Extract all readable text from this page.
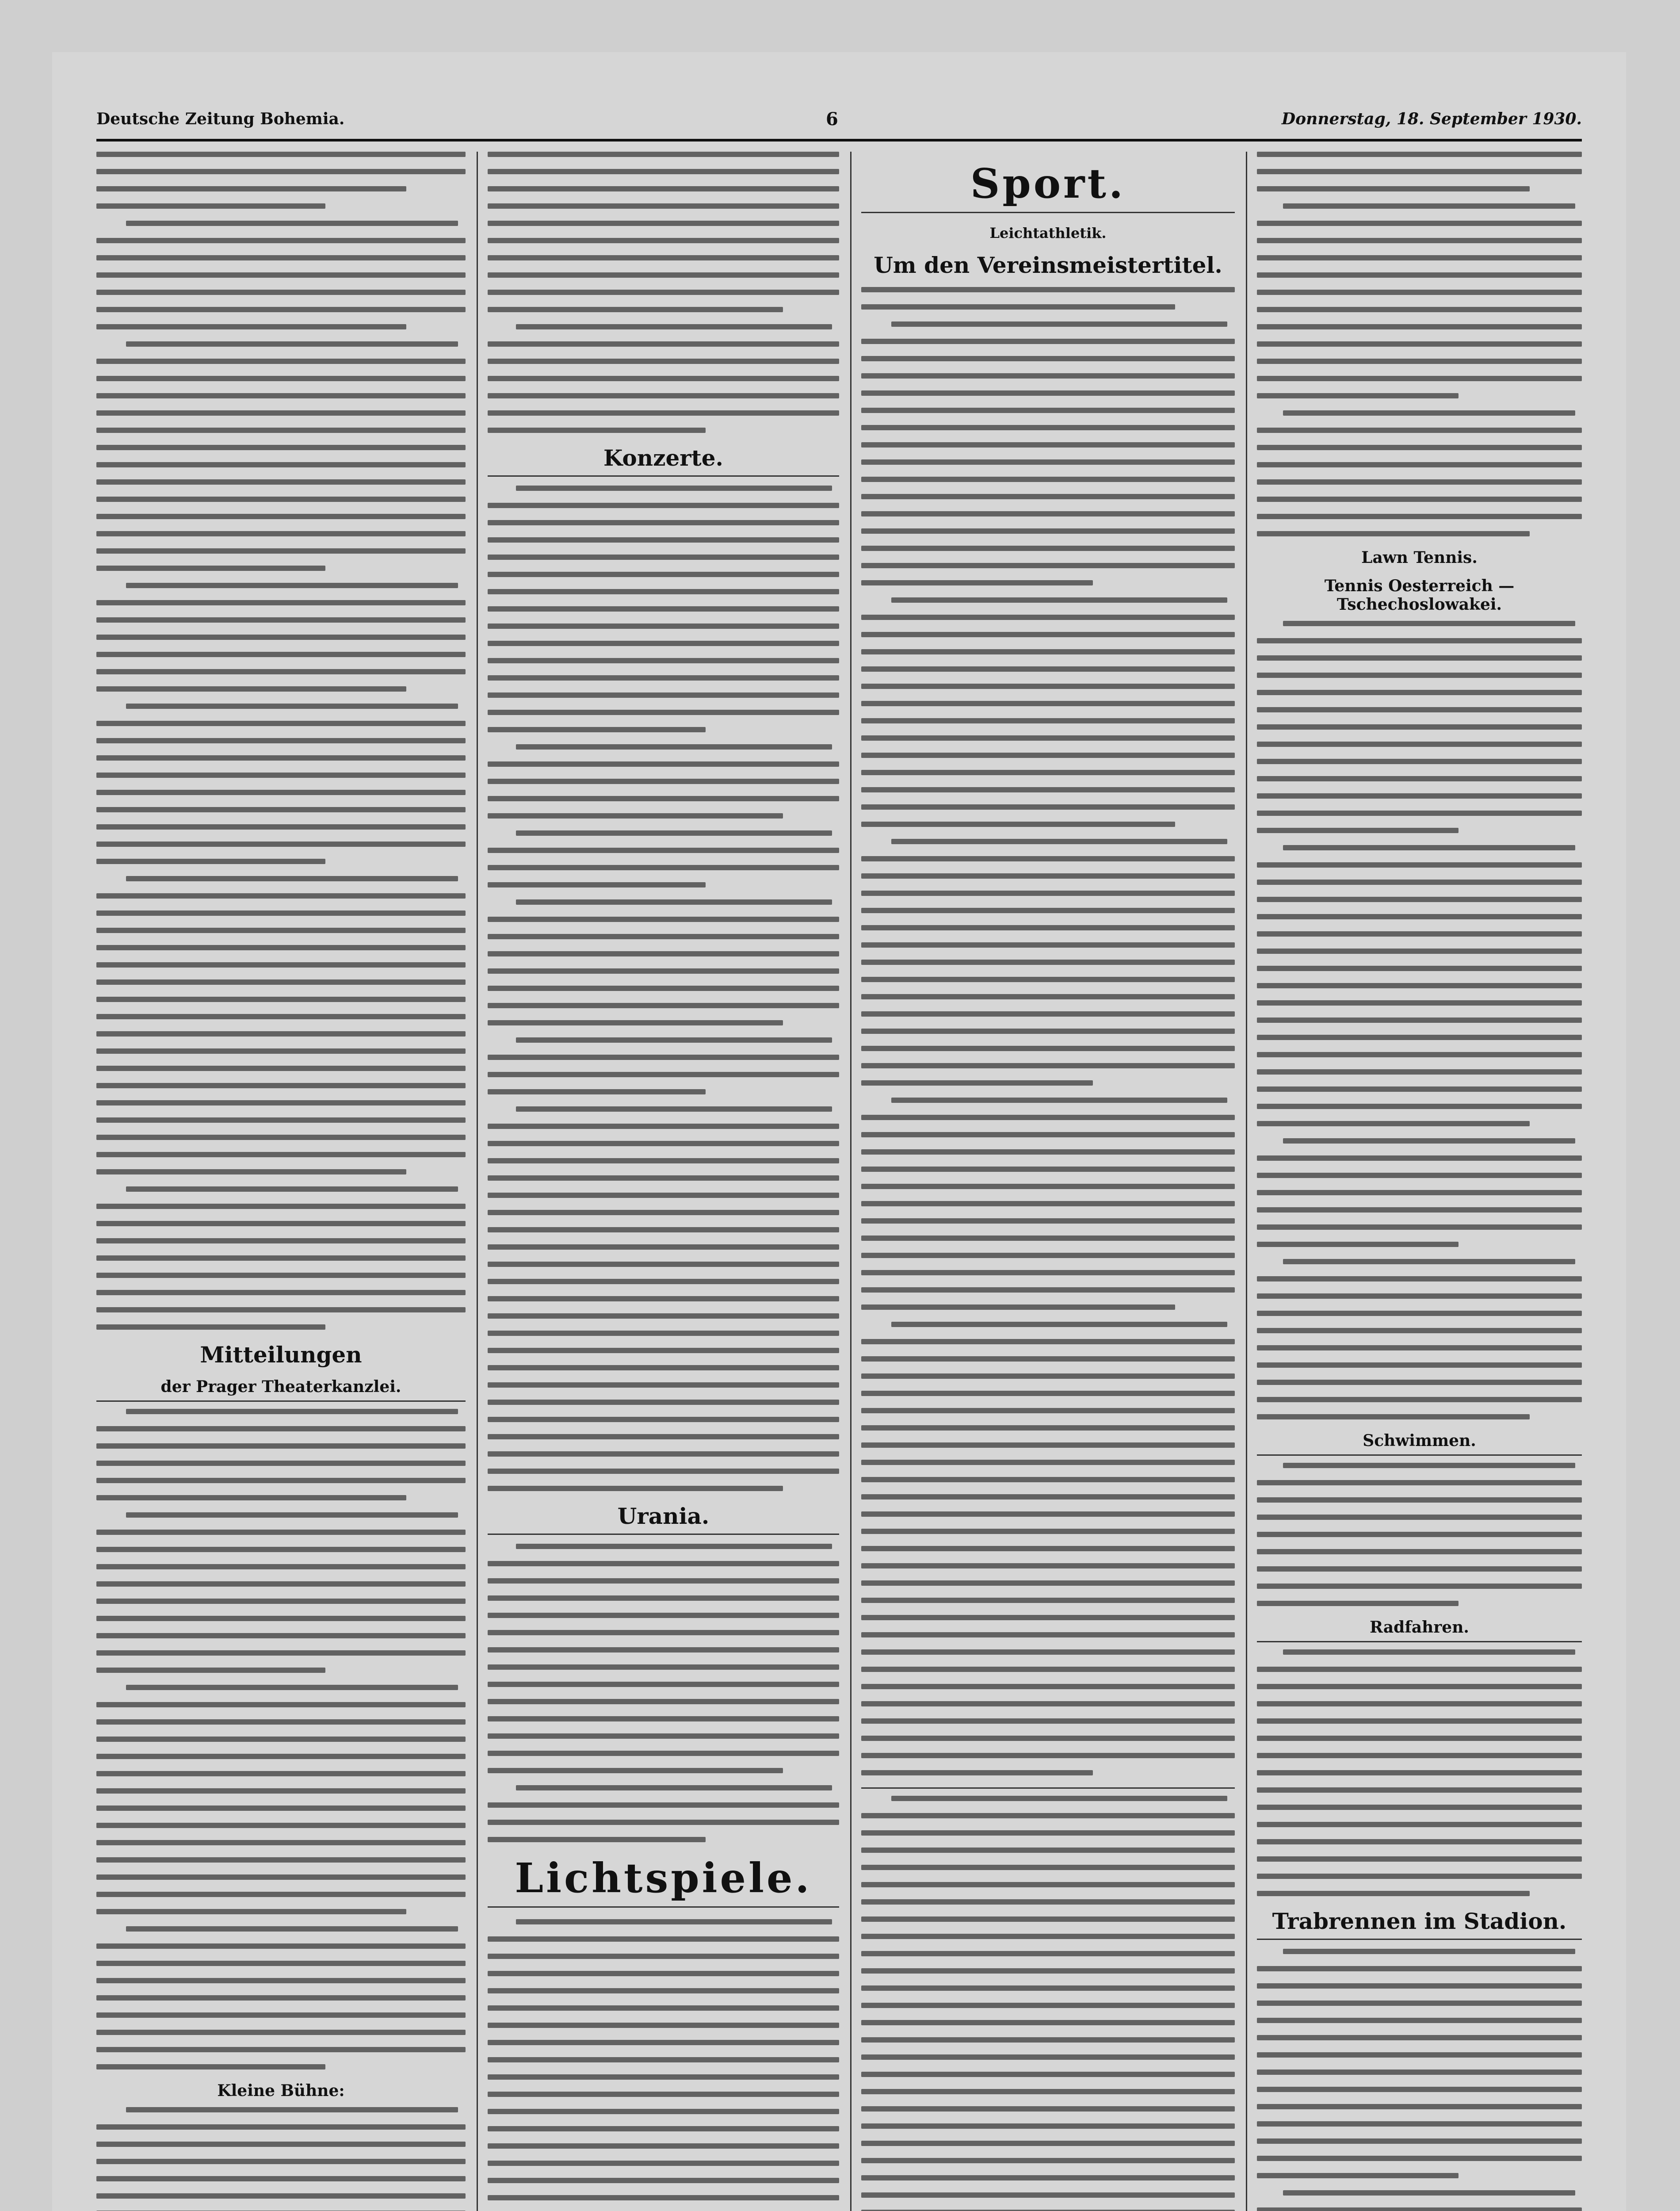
Deutsche Zeitung Bohemia.	6	Donnerstag, 18. September 1930.
Mitteilungen
der Prager Theaterkanzlei.
Kleine Bühne:
Konzerte.
Urania.
Lichtspiele.
Sport.
Leichtathletik.
Um den Vereinsmeistertitel.
Lawn Tennis.
Tennis Oesterreich — Tschechoslowakei.
Schwimmen.
Radfahren.
Trabrennen im Stadion.
